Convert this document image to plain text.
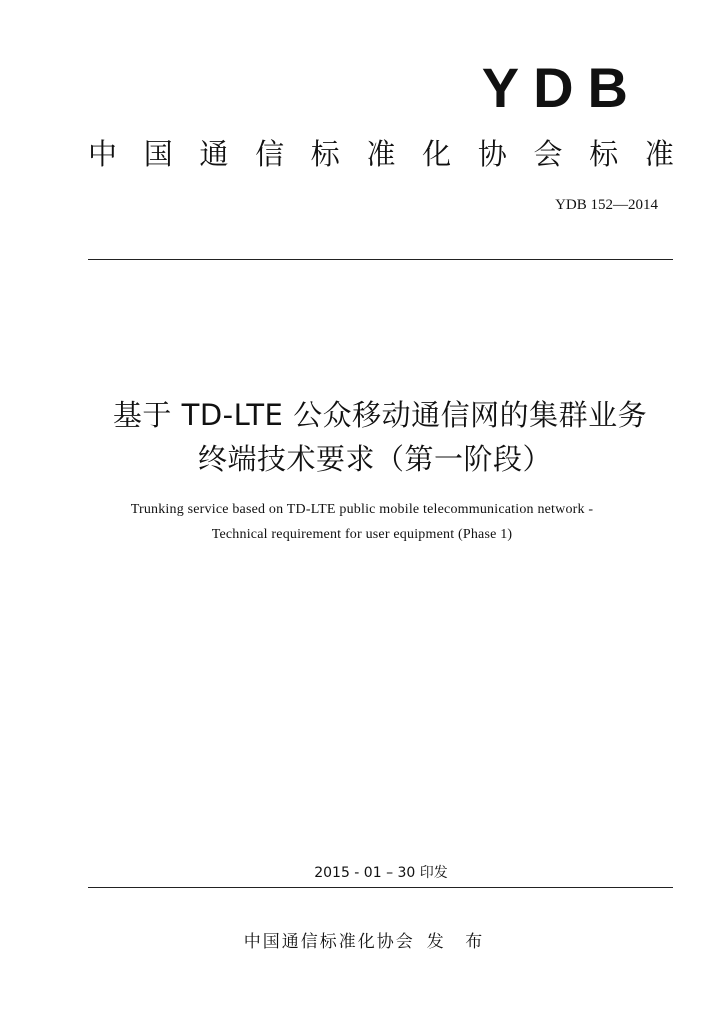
YDB
中 国 通 信 标 准 化 协 会 标 准
YDB 152—2014
基于 TD-LTE 公众移动通信网的集群业务
终端技术要求（第一阶段）
Trunking service based on TD-LTE public mobile telecommunication network -
Technical requirement for user equipment (Phase 1)
2015 - 01 – 30 印发
中国通信标准化协会 发 布
